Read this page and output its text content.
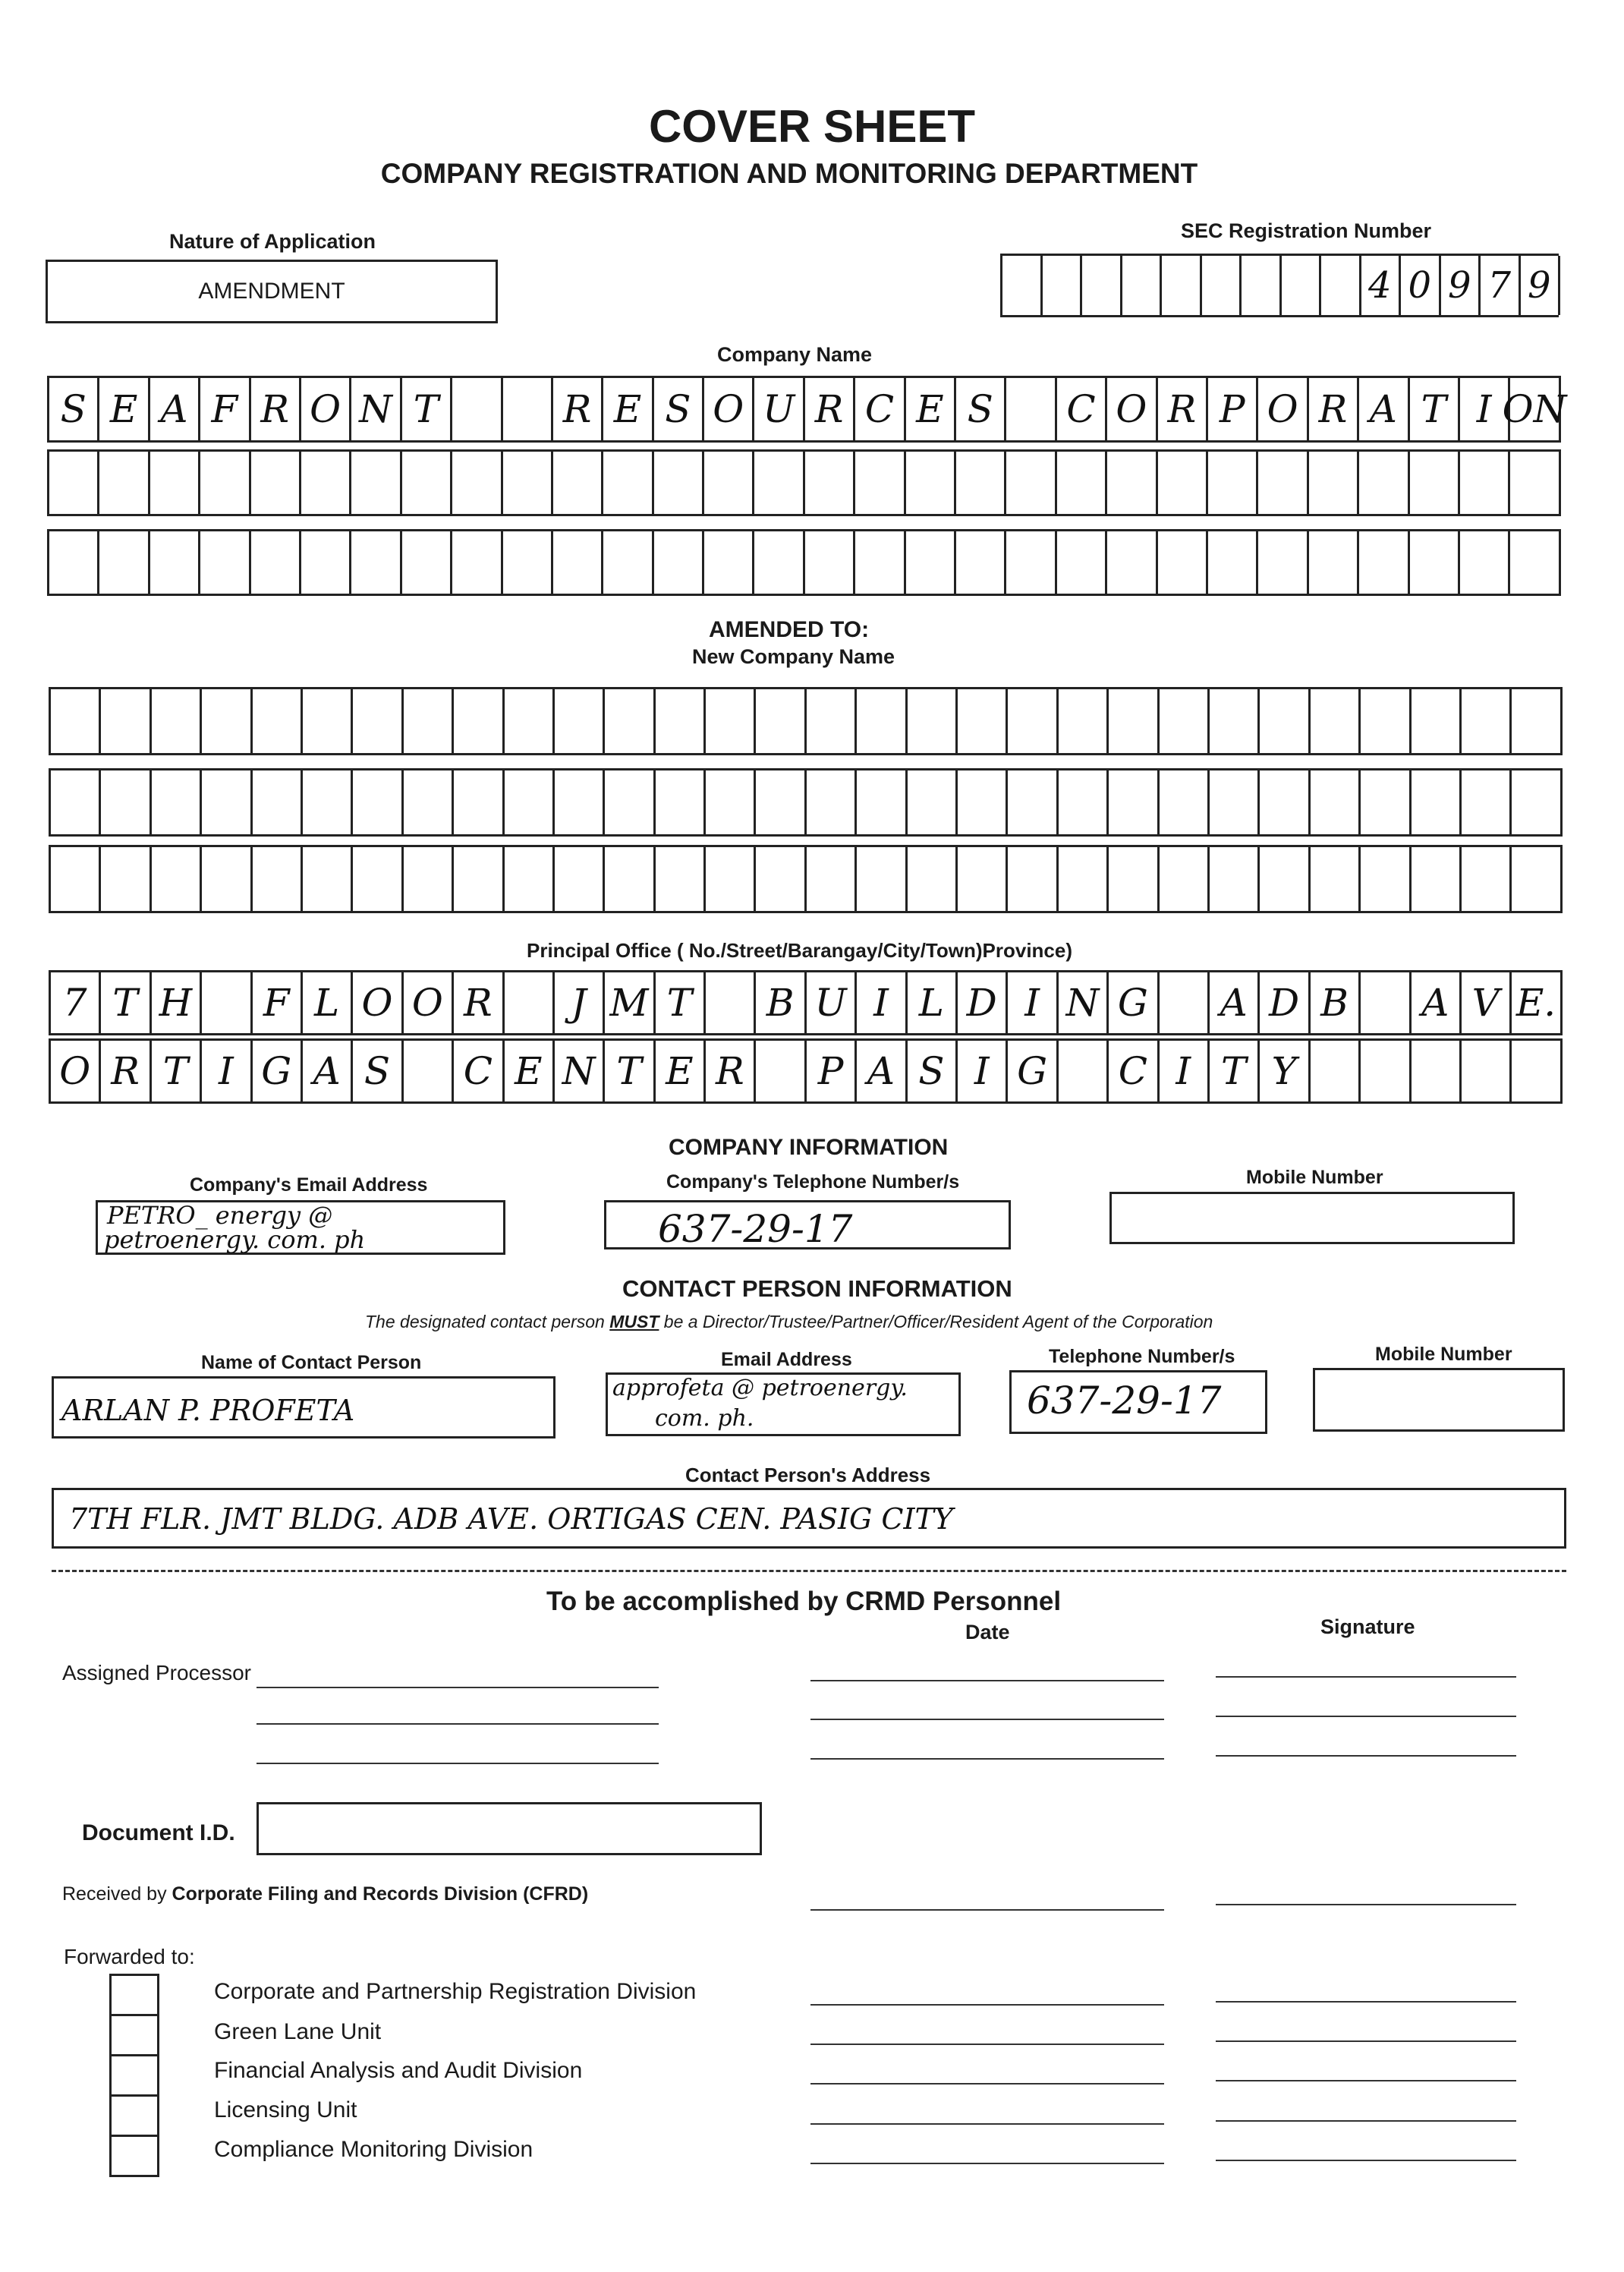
COVER SHEET
COMPANY REGISTRATION AND MONITORING DEPARTMENT
Nature of Application
AMENDMENT
SEC Registration Number
4 0 9 7 9
Company Name
S E A F R O N T	R E S O U R C E S	C O R P O R A T I ON
AMENDED TO:
New Company Name
Principal Office ( No./Street/Barangay/City/Town)Province)
7 T H F L O O R	J M T	B U I L D I N G A D B	A V E.
O R T I G A S	C E N T E R	P A S I G C I T Y
COMPANY INFORMATION
Company's Email Address
PETRO_ energy @
petroenergy. com. ph
Company's Telephone Number/s
637-29-17
Mobile Number
CONTACT PERSON INFORMATION
The designated contact person MUST be a Director/Trustee/Partner/Officer/Resident Agent of the Corporation
Name of Contact Person
ARLAN P. PROFETA
Email Address
approfeta @ petroenergy.
com. ph.
Telephone Number/s
637-29-17
Mobile Number
Contact Person's Address
7TH FLR. JMT BLDG. ADB AVE. ORTIGAS CEN. PASIG CITY
To be accomplished by CRMD Personnel
Date	Signature
Assigned Processor
Document I.D.
Received by Corporate Filing and Records Division (CFRD)
Forwarded to:
Corporate and Partnership Registration Division
Green Lane Unit
Financial Analysis and Audit Division
Licensing Unit
Compliance Monitoring Division
